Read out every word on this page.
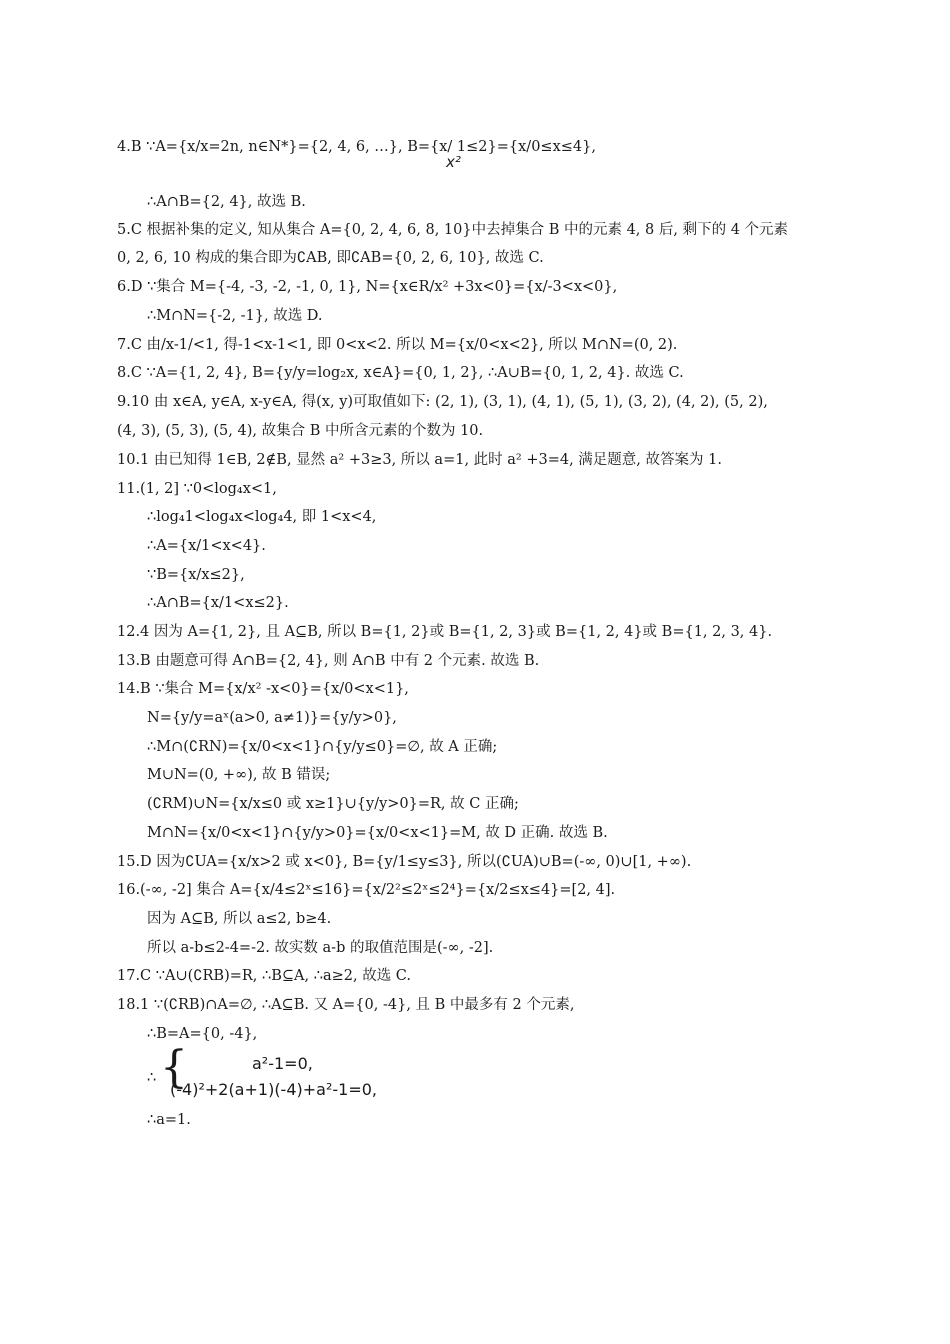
4.B ∵A={x/x=2n, n∈N*}={2, 4, 6, …}, B={x/ 1≤2}={x/0≤x≤4},
x²
∴A∩B={2, 4}, 故选 B.
5.C 根据补集的定义, 知从集合 A={0, 2, 4, 6, 8, 10}中去掉集合 B 中的元素 4, 8 后, 剩下的 4 个元素
0, 2, 6, 10 构成的集合即为∁AB, 即∁AB={0, 2, 6, 10}, 故选 C.
6.D ∵集合 M={-4, -3, -2, -1, 0, 1}, N={x∈R/x² +3x<0}={x/-3<x<0},
∴M∩N={-2, -1}, 故选 D.
7.C 由/x-1/<1, 得-1<x-1<1, 即 0<x<2. 所以 M={x/0<x<2}, 所以 M∩N=(0, 2).
8.C ∵A={1, 2, 4}, B={y/y=log₂x, x∈A}={0, 1, 2}, ∴A∪B={0, 1, 2, 4}. 故选 C.
9.10 由 x∈A, y∈A, x-y∈A, 得(x, y)可取值如下: (2, 1), (3, 1), (4, 1), (5, 1), (3, 2), (4, 2), (5, 2),
(4, 3), (5, 3), (5, 4), 故集合 B 中所含元素的个数为 10.
10.1 由已知得 1∈B, 2∉B, 显然 a² +3≥3, 所以 a=1, 此时 a² +3=4, 满足题意, 故答案为 1.
11.(1, 2] ∵0<log₄x<1,
∴log₄1<log₄x<log₄4, 即 1<x<4,
∴A={x/1<x<4}.
∵B={x/x≤2},
∴A∩B={x/1<x≤2}.
12.4 因为 A={1, 2}, 且 A⊆B, 所以 B={1, 2}或 B={1, 2, 3}或 B={1, 2, 4}或 B={1, 2, 3, 4}.
13.B 由题意可得 A∩B={2, 4}, 则 A∩B 中有 2 个元素. 故选 B.
14.B ∵集合 M={x/x² -x<0}={x/0<x<1},
N={y/y=aˣ(a>0, a≠1)}={y/y>0},
∴M∩(∁RN)={x/0<x<1}∩{y/y≤0}=∅, 故 A 正确;
M∪N=(0, +∞), 故 B 错误;
(∁RM)∪N={x/x≤0 或 x≥1}∪{y/y>0}=R, 故 C 正确;
M∩N={x/0<x<1}∩{y/y>0}={x/0<x<1}=M, 故 D 正确. 故选 B.
15.D 因为∁UA={x/x>2 或 x<0}, B={y/1≤y≤3}, 所以(∁UA)∪B=(-∞, 0)∪[1, +∞).
16.(-∞, -2] 集合 A={x/4≤2ˣ≤16}={x/2²≤2ˣ≤2⁴}={x/2≤x≤4}=[2, 4].
因为 A⊆B, 所以 a≤2, b≥4.
所以 a-b≤2-4=-2. 故实数 a-b 的取值范围是(-∞, -2].
17.C ∵A∪(∁RB)=R, ∴B⊆A, ∴a≥2, 故选 C.
18.1 ∵(∁RB)∩A=∅, ∴A⊆B. 又 A={0, -4}, 且 B 中最多有 2 个元素,
∴B=A={0, -4},
∴ {	a²-1=0,
(-4)²+2(a+1)(-4)+a²-1=0,
∴a=1.
